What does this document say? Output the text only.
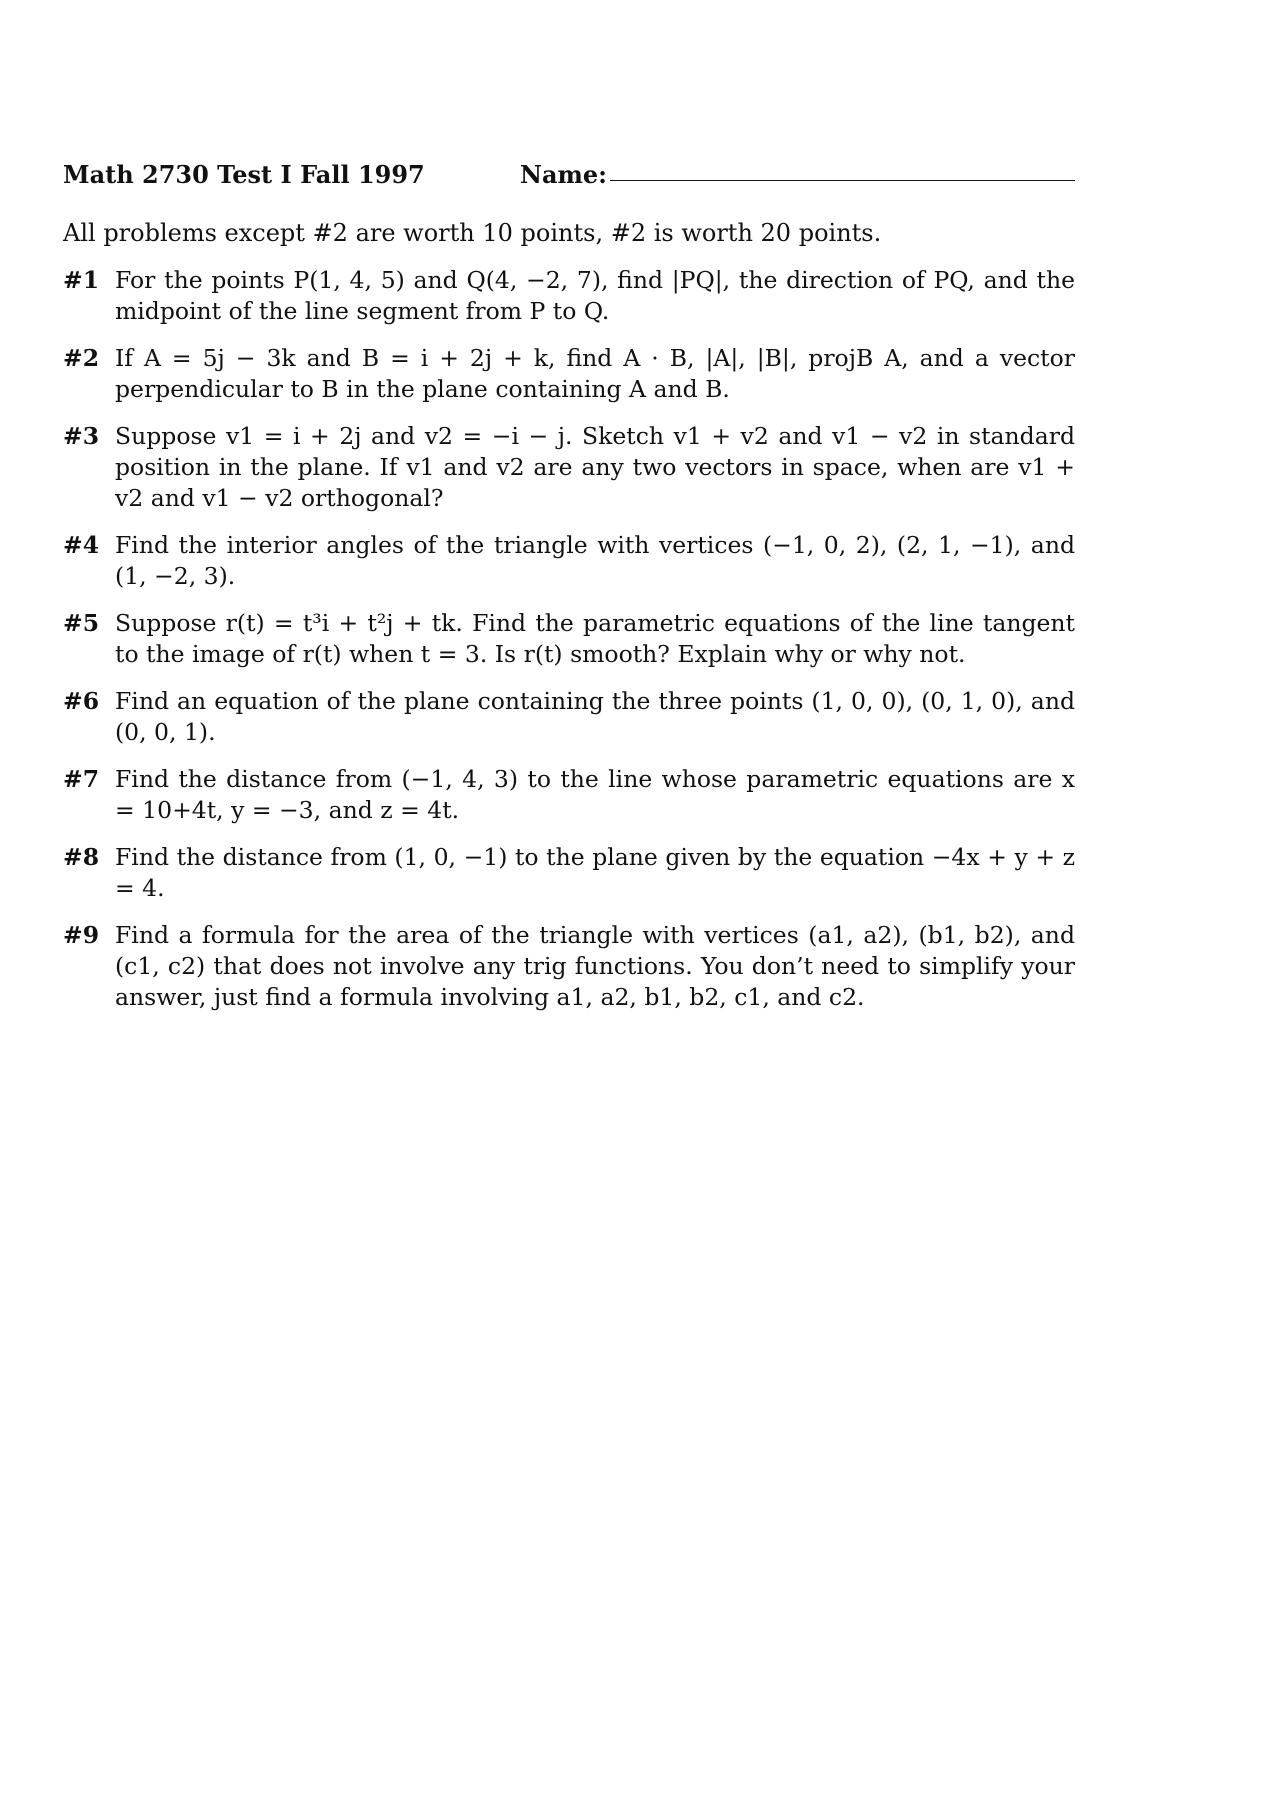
Math 2730 Test I Fall 1997	Name:
All problems except #2 are worth 10 points, #2 is worth 20 points.
#1 For the points P(1, 4, 5) and Q(4, −2, 7), find |PQ|, the direction of PQ, and the midpoint of the line segment from P to Q.
#2 If A = 5j − 3k and B = i + 2j + k, find A · B, |A|, |B|, projB A, and a vector perpendicular to B in the plane containing A and B.
#3 Suppose v1 = i + 2j and v2 = −i − j. Sketch v1 + v2 and v1 − v2 in standard position in the plane. If v1 and v2 are any two vectors in space, when are v1 + v2 and v1 − v2 orthogonal?
#4 Find the interior angles of the triangle with vertices (−1, 0, 2), (2, 1, −1), and (1, −2, 3).
#5 Suppose r(t) = t³i + t²j + tk. Find the parametric equations of the line tangent to the image of r(t) when t = 3. Is r(t) smooth? Explain why or why not.
#6 Find an equation of the plane containing the three points (1, 0, 0), (0, 1, 0), and (0, 0, 1).
#7 Find the distance from (−1, 4, 3) to the line whose parametric equations are x = 10+4t, y = −3, and z = 4t.
#8 Find the distance from (1, 0, −1) to the plane given by the equation −4x + y + z = 4.
#9 Find a formula for the area of the triangle with vertices (a1, a2), (b1, b2), and (c1, c2) that does not involve any trig functions. You don’t need to simplify your answer, just find a formula involving a1, a2, b1, b2, c1, and c2.
